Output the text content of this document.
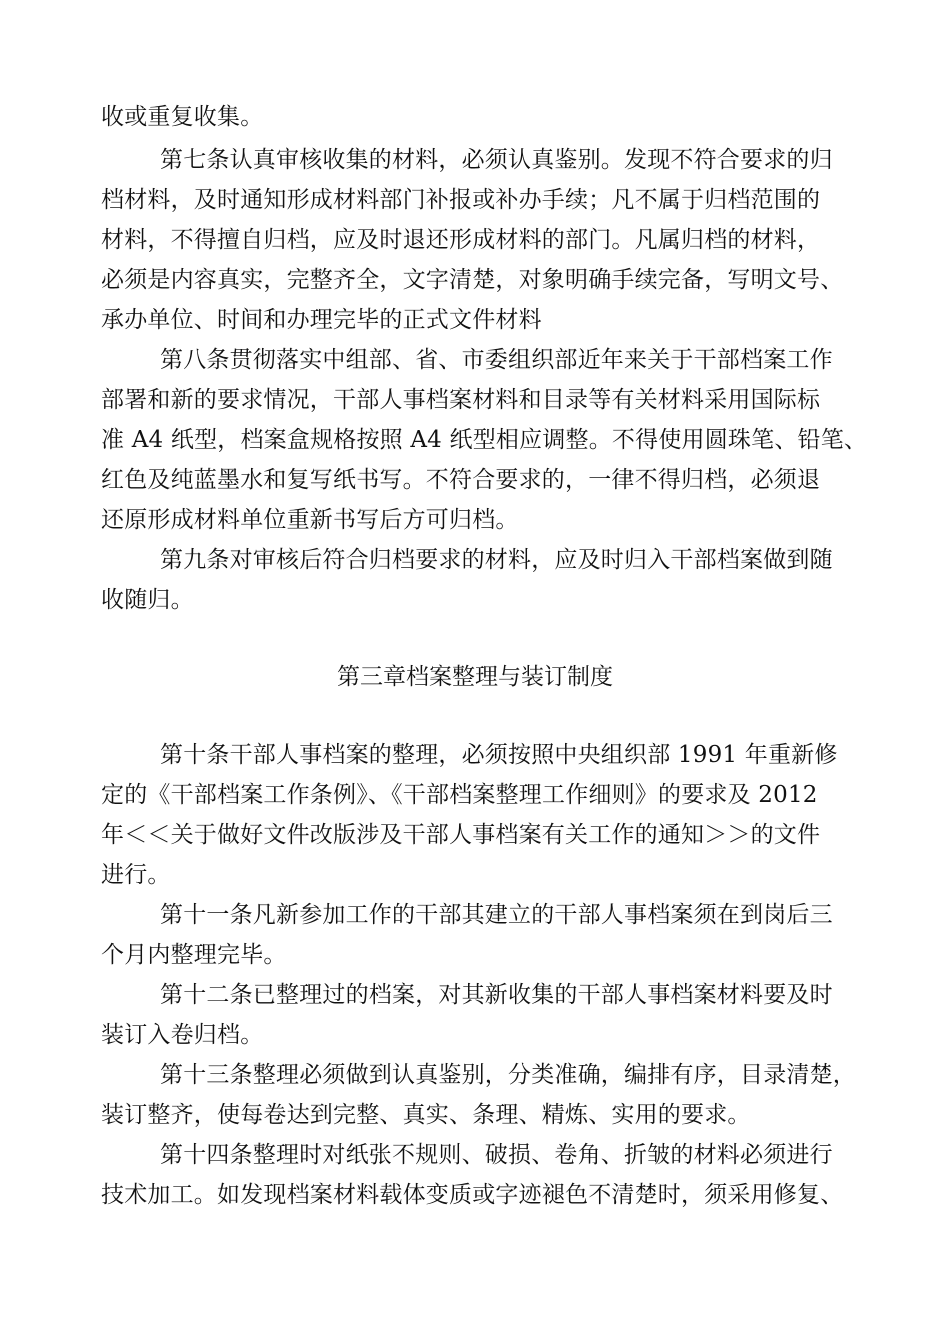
收或重复收集。
第七条认真审核收集的材料，必须认真鉴别。发现不符合要求的归
档材料，及时通知形成材料部门补报或补办手续；凡不属于归档范围的
材料，不得擅自归档，应及时退还形成材料的部门。凡属归档的材料，
必须是内容真实，完整齐全，文字清楚，对象明确手续完备，写明文号、
承办单位、时间和办理完毕的正式文件材料
第八条贯彻落实中组部、省、市委组织部近年来关于干部档案工作
部署和新的要求情况，干部人事档案材料和目录等有关材料采用国际标
准 A4 纸型，档案盒规格按照 A4 纸型相应调整。不得使用圆珠笔、铅笔、
红色及纯蓝墨水和复写纸书写。不符合要求的，一律不得归档，必须退
还原形成材料单位重新书写后方可归档。
第九条对审核后符合归档要求的材料，应及时归入干部档案做到随
收随归。
第三章档案整理与装订制度
第十条干部人事档案的整理，必须按照中央组织部 1991 年重新修
定的《干部档案工作条例》、《干部档案整理工作细则》的要求及 2012
年＜＜关于做好文件改版涉及干部人事档案有关工作的通知＞＞的文件
进行。
第十一条凡新参加工作的干部其建立的干部人事档案须在到岗后三
个月内整理完毕。
第十二条已整理过的档案，对其新收集的干部人事档案材料要及时
装订入卷归档。
第十三条整理必须做到认真鉴别，分类准确，编排有序，目录清楚，
装订整齐，使每卷达到完整、真实、条理、精炼、实用的要求。
第十四条整理时对纸张不规则、破损、卷角、折皱的材料必须进行
技术加工。如发现档案材料载体变质或字迹褪色不清楚时，须采用修复、
